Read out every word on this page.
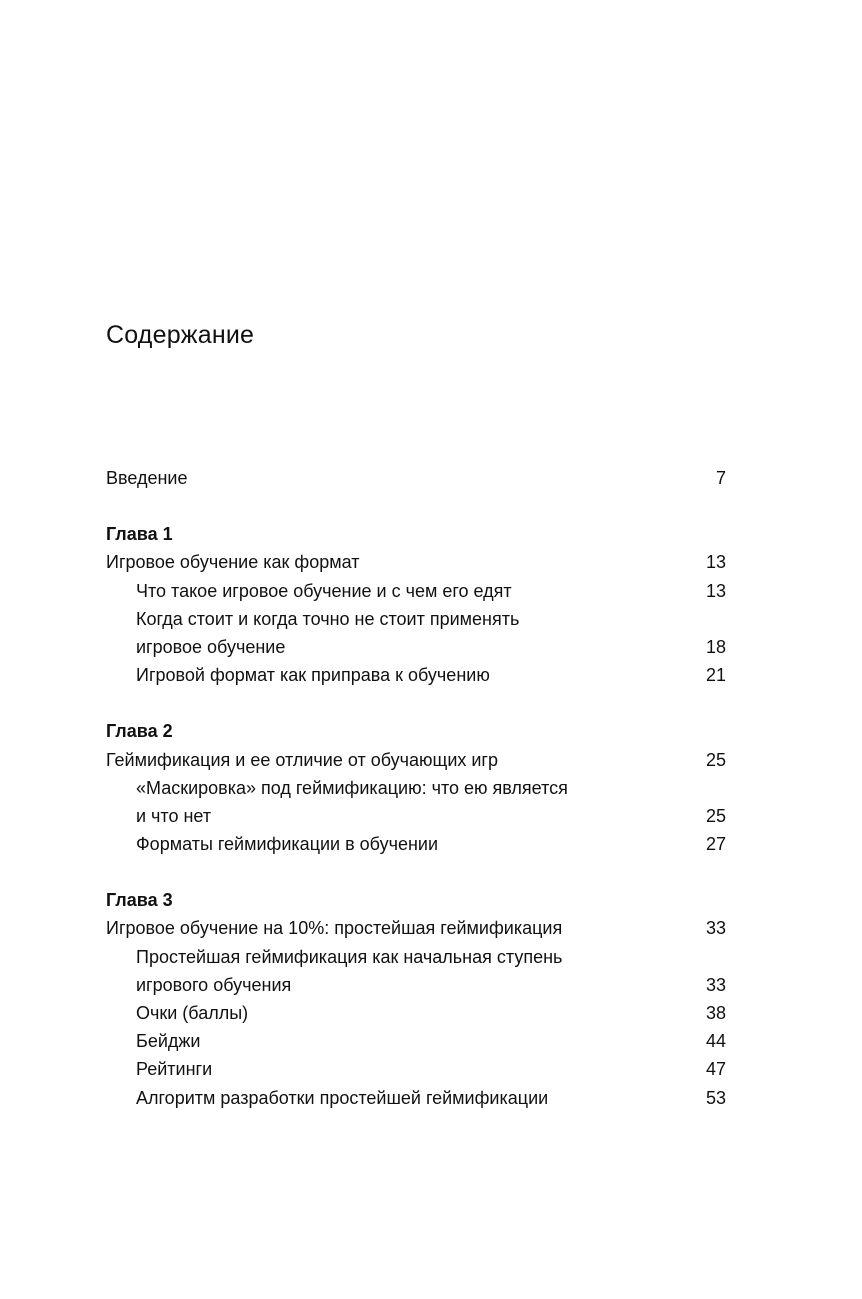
Содержание
Введение	7
Глава 1
Игровое обучение как формат	13
Что такое игровое обучение и с чем его едят	13
Когда стоит и когда точно не стоит применять
игровое обучение	18
Игровой формат как приправа к обучению	21
Глава 2
Геймификация и ее отличие от обучающих игр	25
«Маскировка» под геймификацию: что ею является
и что нет	25
Форматы геймификации в обучении	27
Глава 3
Игровое обучение на 10%: простейшая геймификация	33
Простейшая геймификация как начальная ступень
игрового обучения	33
Очки (баллы)	38
Бейджи	44
Рейтинги	47
Алгоритм разработки простейшей геймификации	53
